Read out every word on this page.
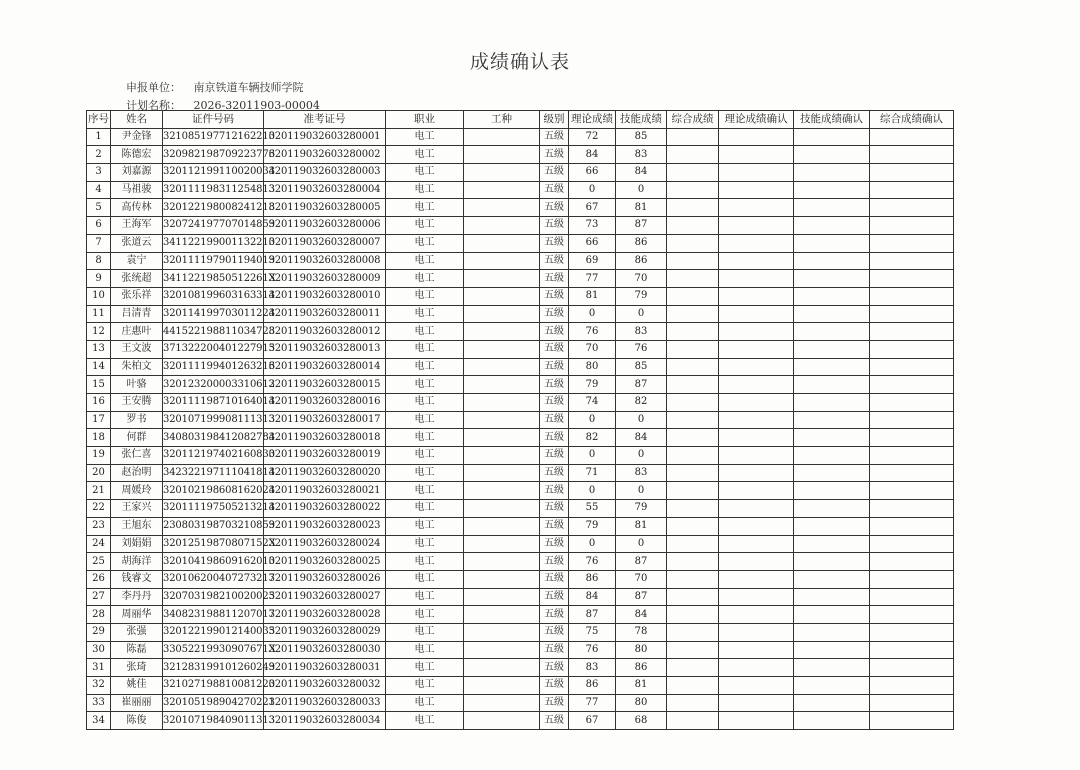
成绩确认表
申报单位： 南京铁道车辆技师学院
计划名称： 2026-32011903-00004
序号	姓名	证件号码	准考证号	职业	工种	级别	理论成绩	技能成绩	综合成绩	理论成绩确认	技能成绩确认	综合成绩确认
1	尹金锋	321085197712162210	320119032603280001	电工		五级	72	85				
2	陈德宏	320982198709223776	320119032603280002	电工		五级	84	83				
3	刘嘉源	320112199110020034	320119032603280003	电工		五级	66	84				
4	马祖骏	320111198311254813	320119032603280004	电工		五级	0	0				
5	高传林	320122198008241218	320119032603280005	电工		五级	67	81				
6	王海军	320724197707014859	320119032603280006	电工		五级	73	87				
7	张道云	341122199001132210	320119032603280007	电工		五级	66	86				
8	袁宁	320111197901194019	320119032603280008	电工		五级	69	86				
9	张统超	34112219850512261X	320119032603280009	电工		五级	77	70				
10	张乐祥	320108199603163314	320119032603280010	电工		五级	81	79				
11	吕清青	320114199703011224	320119032603280011	电工		五级	0	0				
12	庄惠叶	441522198811034728	320119032603280012	电工		五级	76	83				
13	王文波	371322200401227915	320119032603280013	电工		五级	70	76				
14	朱柏文	320111199401263216	320119032603280014	电工		五级	80	85				
15	叶骆	320123200003310612	320119032603280015	电工		五级	79	87				
16	王安腾	320111198710164014	320119032603280016	电工		五级	74	82				
17	罗书	320107199908111313	320119032603280017	电工		五级	0	0				
18	何群	340803198412082784	320119032603280018	电工		五级	82	84				
19	张仁喜	320112197402160830	320119032603280019	电工		五级	0	0				
20	赵治明	342322197111041814	320119032603280020	电工		五级	71	83				
21	周媛玲	320102198608162024	320119032603280021	电工		五级	0	0				
22	王家兴	320111197505213214	320119032603280022	电工		五级	55	79				
23	王旭东	230803198703210859	320119032603280023	电工		五级	79	81				
24	刘娟娟	32012519870807152X	320119032603280024	电工		五级	0	0				
25	胡海洋	320104198609162010	320119032603280025	电工		五级	76	87				
26	钱睿文	320106200407273217	320119032603280026	电工		五级	86	70				
27	李丹丹	320703198210020025	320119032603280027	电工		五级	84	87				
28	周丽华	340823198811207017	320119032603280028	电工		五级	87	84				
29	张强	320122199012140035	320119032603280029	电工		五级	75	78				
30	陈磊	33052219930907671X	320119032603280030	电工		五级	76	80				
31	张琦	321283199101260249	320119032603280031	电工		五级	83	86				
32	姚佳	321027198810081220	320119032603280032	电工		五级	86	81				
33	崔丽丽	320105198904270221	320119032603280033	电工		五级	77	80				
34	陈俊	320107198409011313	320119032603280034	电工		五级	67	68				
